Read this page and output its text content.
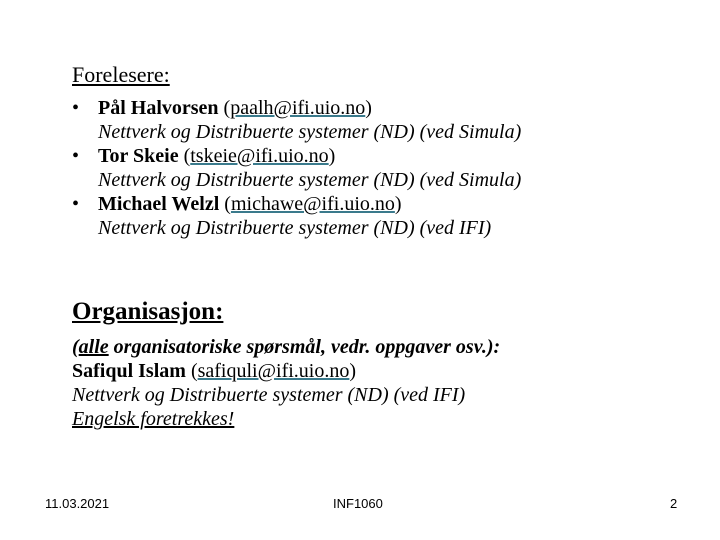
Forelesere:
• Pål Halvorsen (paalh@ifi.uio.no)
Nettverk og Distribuerte systemer (ND) (ved Simula)
• Tor Skeie (tskeie@ifi.uio.no)
Nettverk og Distribuerte systemer (ND) (ved Simula)
• Michael Welzl (michawe@ifi.uio.no)
Nettverk og Distribuerte systemer (ND) (ved IFI)
Organisasjon:
(alle organisatoriske spørsmål, vedr. oppgaver osv.):
Safiqul Islam (safiquli@ifi.uio.no)
Nettverk og Distribuerte systemer (ND) (ved IFI)
Engelsk foretrekkes!
11.03.2021	INF1060	2
